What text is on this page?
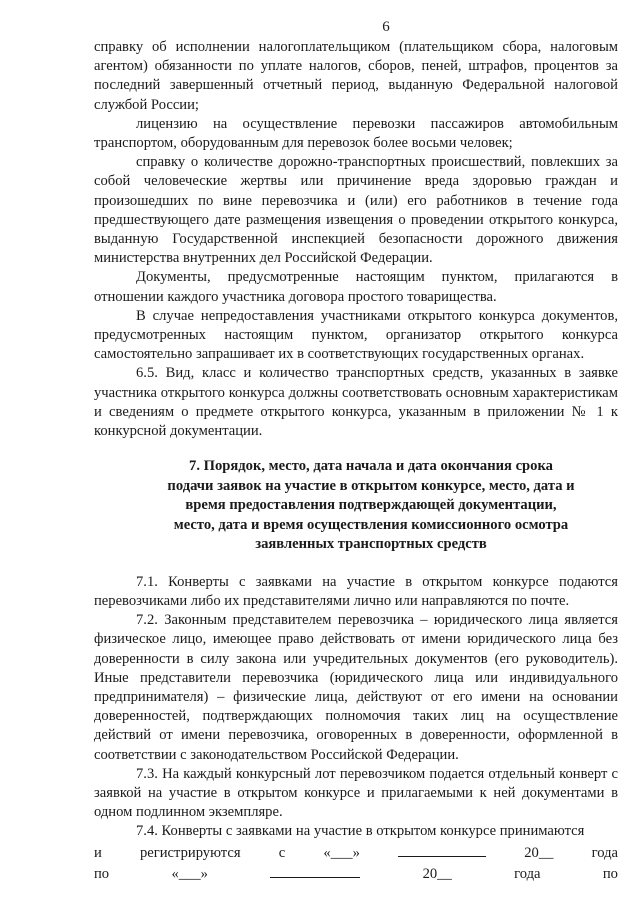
6

справку об исполнении налогоплательщиком (плательщиком сбора, налоговым агентом) обязанности по уплате налогов, сборов, пеней, штрафов, процентов за последний завершенный отчетный период, выданную Федеральной налоговой службой России;

лицензию на осуществление перевозки пассажиров автомобильным транспортом, оборудованным для перевозок более восьми человек;

справку о количестве дорожно-транспортных происшествий, повлекших за собой человеческие жертвы или причинение вреда здоровью граждан и произошедших по вине перевозчика и (или) его работников в течение года предшествующего дате размещения извещения о проведении открытого конкурса, выданную Государственной инспекцией безопасности дорожного движения министерства внутренних дел Российской Федерации.

Документы, предусмотренные настоящим пунктом, прилагаются в отношении каждого участника договора простого товарищества.

В случае непредоставления участниками открытого конкурса документов, предусмотренных настоящим пунктом, организатор открытого конкурса самостоятельно запрашивает их в соответствующих государственных органах.

6.5. Вид, класс и количество транспортных средств, указанных в заявке участника открытого конкурса должны соответствовать основным характеристикам и сведениям о предмете открытого конкурса, указанным в приложении № 1 к конкурсной документации.

7. Порядок, место, дата начала и дата окончания срока
подачи заявок на участие в открытом конкурсе, место, дата и
время предоставления подтверждающей документации,
место, дата и время осуществления комиссионного осмотра
заявленных транспортных средств

7.1. Конверты с заявками на участие в открытом конкурсе подаются перевозчиками либо их представителями лично или направляются по почте.

7.2. Законным представителем перевозчика – юридического лица является физическое лицо, имеющее право действовать от имени юридического лица без доверенности в силу закона или учредительных документов (его руководитель). Иные представители перевозчика (юридического лица или индивидуального предпринимателя) – физические лица, действуют от его имени на основании доверенностей, подтверждающих полномочия таких лиц на осуществление действий от имени перевозчика, оговоренных в доверенности, оформленной в соответствии с законодательством Российской Федерации.

7.3. На каждый конкурсный лот перевозчиком подается отдельный конверт с заявкой на участие в открытом конкурсе и прилагаемыми к ней документами в одном подлинном экземпляре.

7.4. Конверты с заявками на участие в открытом конкурсе принимаются

и	регистрируются	с	«___»	20__	года
по	«___»	20__	года	по
